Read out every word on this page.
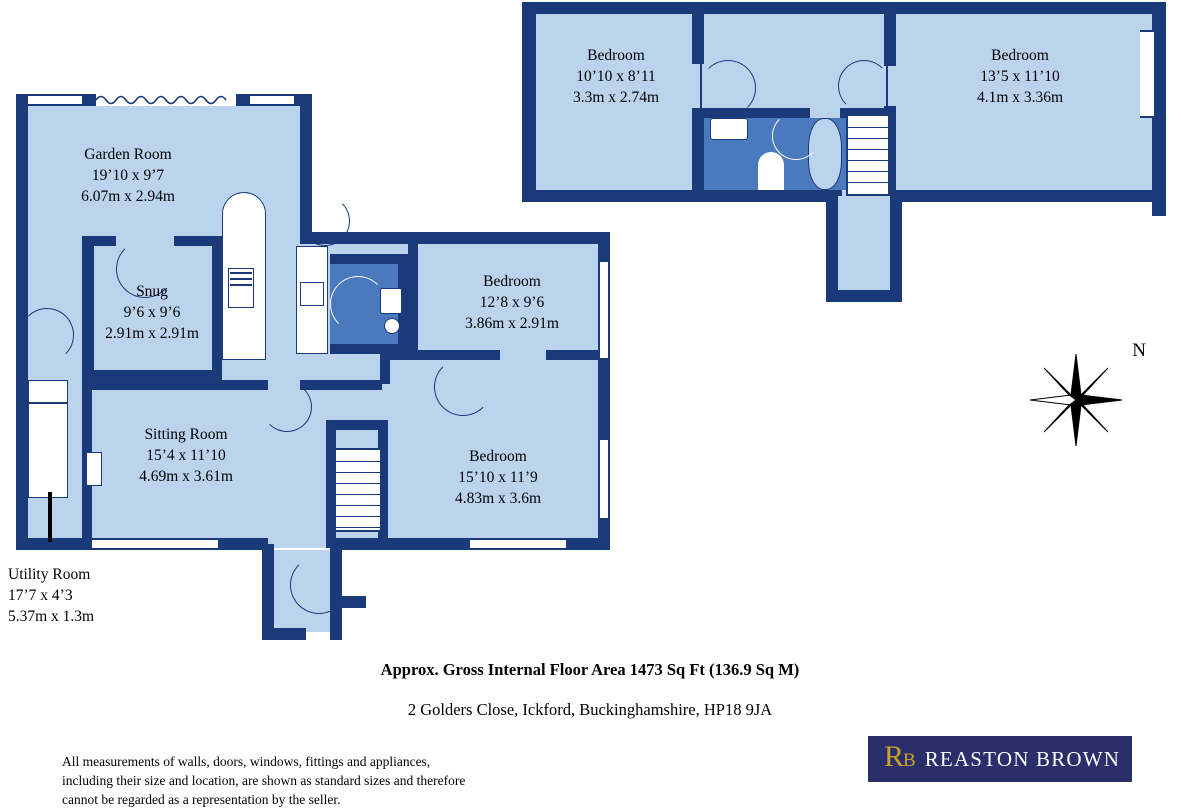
Bedroom
10’10 x 8’11
3.3m x 2.74m
Bedroom
13’5 x 11’10
4.1m x 3.36m
Garden Room
19’10 x 9’7
6.07m x 2.94m
Snug
9’6 x 9’6
2.91m x 2.91m
Bedroom
12’8 x 9’6
3.86m x 2.91m
Sitting Room
15’4 x 11’10
4.69m x 3.61m
Bedroom
15’10 x 11’9
4.83m x 3.6m
Utility Room
17’7 x 4’3
5.37m x 1.3m
N
Approx. Gross Internal Floor Area 1473 Sq Ft (136.9 Sq M)
2 Golders Close, Ickford, Buckinghamshire, HP18 9JA
All measurements of walls, doors, windows, fittings and appliances,
including their size and location, are shown as standard sizes and therefore
cannot be regarded as a representation by the seller.
RB REASTON BROWN
